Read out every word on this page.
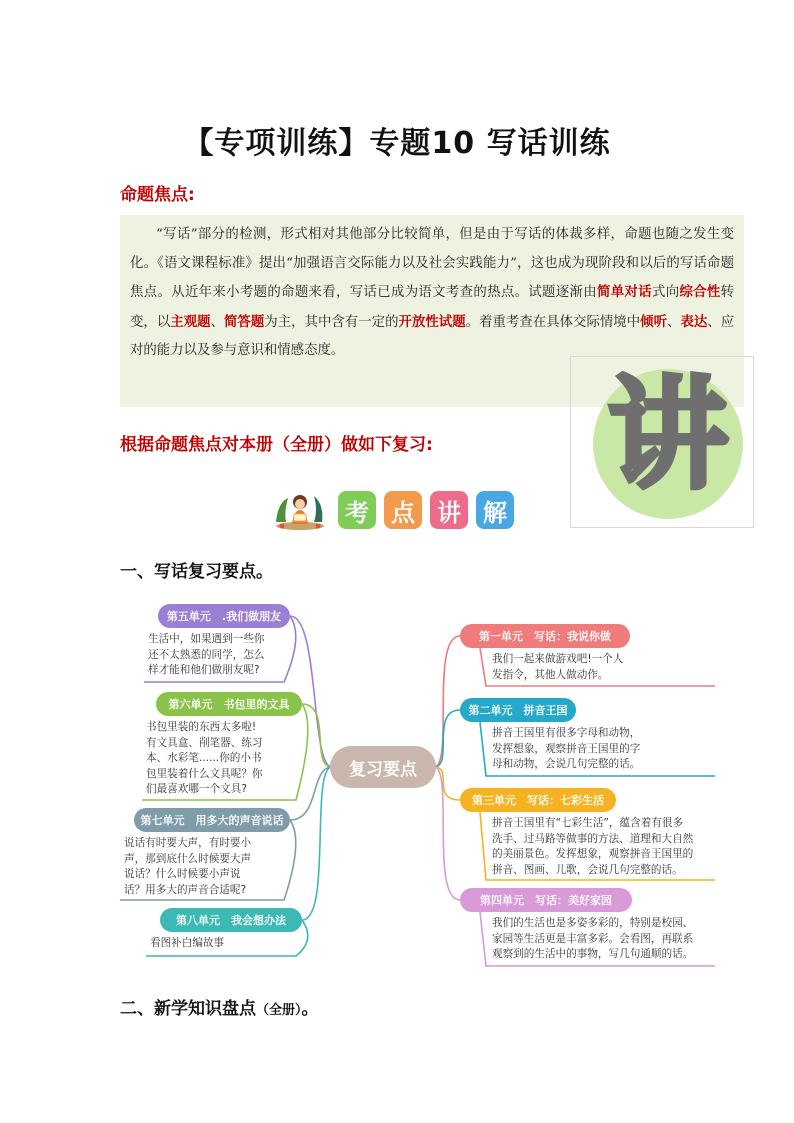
【专项训练】专题10 写话训练
命题焦点:
“写话”部分的检测，形式相对其他部分比较简单，但是由于写话的体裁多样，命题也随之发生变化。《语文课程标准》提出“加强语言交际能力以及社会实践能力”，这也成为现阶段和以后的写话命题焦点。从近年来小考题的命题来看，写话已成为语文考查的热点。试题逐渐由简单对话式向综合性转变，以主观题、简答题为主，其中含有一定的开放性试题。着重考查在具体交际情境中倾听、表达、应对的能力以及参与意识和情感态度。
根据命题焦点对本册（全册）做如下复习: 讲
考 点 讲 解
一、写话复习要点。
复习要点
第五单元　.我们做朋友
生活中，如果遇到一些你
还不太熟悉的同学，怎么
样才能和他们做朋友呢?
第六单元　书包里的文具
书包里装的东西太多啦!
有文具盒、削笔器、练习
本、水彩笔......你的小书
包里装着什么文具呢？你
们最喜欢哪一个文具?
第七单元　用多大的声音说话
说话有时要大声，有时要小
声，那到底什么时候要大声
说话？什么时候要小声说
话？用多大的声音合适呢?
第八单元　我会想办法
看图补白编故事
第一单元　写话：我说你做
我们一起来做游戏吧!一个人
发指令，其他人做动作。
第二单元　拼音王国
拼音王国里有很多字母和动物，
发挥想象，观察拼音王国里的字
母和动物，会说几句完整的话。
第三单元　写话：七彩生活
拼音王国里有“七彩生活”，蕴含着有很多
洗手、过马路等做事的方法、道理和大自然
的美丽景色。发挥想象，观察拼音王国里的
拼音、图画、儿歌，会说几句完整的话。
第四单元　写话：美好家园
我们的生活也是多姿多彩的，特别是校园、
家园等生活更是丰富多彩。会看图，再联系
观察到的生活中的事物，写几句通顺的话。
二、新学知识盘点（全册）。
